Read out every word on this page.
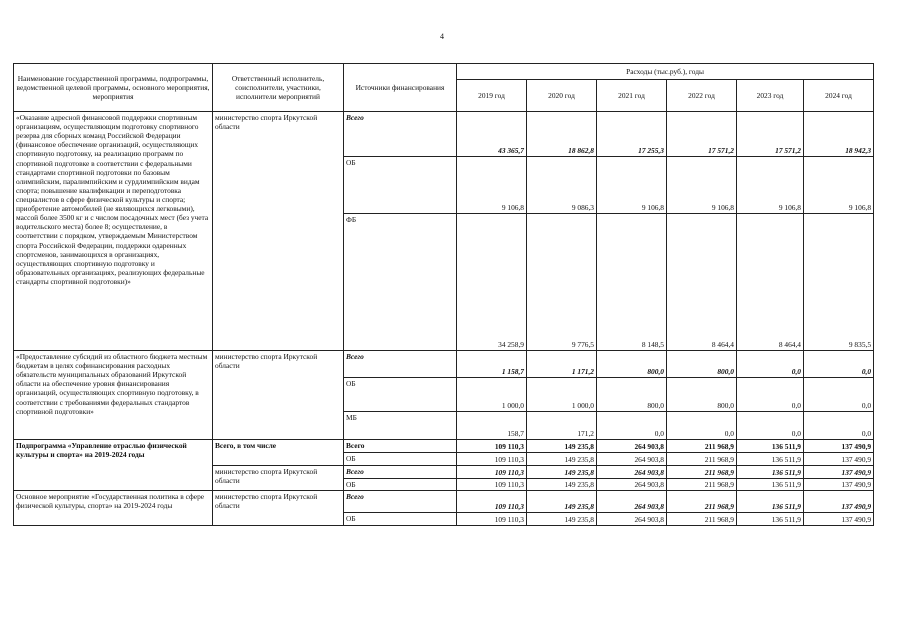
4
Наименование государственной программы, подпрограммы, ведомственной целевой программы, основного мероприятия, мероприятия	Ответственный исполнитель, соисполнители, участники, исполнители мероприятий	Источники финансирования	Расходы (тыс.руб.), годы					
			2019 год	2020 год	2021 год	2022 год	2023 год	2024 год
«Оказание адресной финансовой поддержки спортивным организациям, осуществляющим подготовку спортивного резерва для сборных команд Российской Федерации (финансовое обеспечение организаций, осуществляющих спортивную подготовку, на реализацию программ по спортивной подготовке в соответствии с федеральными стандартами спортивной подготовки по базовым олимпийским, паралимпийским и сурдлимпийским видам спорта; повышение квалификации и переподготовка специалистов в сфере физической культуры и спорта; приобретение автомобилей (не являющихся легковыми), массой более 3500 кг и с числом посадочных мест (без учета водительского места) более 8; осуществление, в соответствии с порядком, утверждаемым Министерством спорта Российской Федерации, поддержки одаренных спортсменов, занимающихся в организациях, осуществляющих спортивную подготовку и образовательных организациях, реализующих федеральные стандарты спортивной подготовки)»	министерство спорта Иркутской области	Всего	43 365,7	18 862,8	17 255,3	17 571,2	17 571,2	18 942,3
		ОБ	9 106,8	9 086,3	9 106,8	9 106,8	9 106,8	9 106,8
		ФБ	34 258,9	9 776,5	8 148,5	8 464,4	8 464,4	9 835,5
«Предоставление субсидий из областного бюджета местным бюджетам в целях софинансирования расходных обязательств муниципальных образований Иркутской области на обеспечение уровня финансирования организаций, осуществляющих спортивную подготовку, в соответствии с требованиями федеральных стандартов спортивной подготовки»	министерство спорта Иркутской области	Всего	1 158,7	1 171,2	800,0	800,0	0,0	0,0
		ОБ	1 000,0	1 000,0	800,0	800,0	0,0	0,0
		МБ	158,7	171,2	0,0	0,0	0,0	0,0
Подпрограмма «Управление отраслью физической культуры и спорта» на 2019-2024 годы	Всего, в том числе	Всего	109 110,3	149 235,8	264 903,8	211 968,9	136 511,9	137 490,9
		ОБ	109 110,3	149 235,8	264 903,8	211 968,9	136 511,9	137 490,9
	министерство спорта Иркутской области	Всего	109 110,3	149 235,8	264 903,8	211 968,9	136 511,9	137 490,9
		ОБ	109 110,3	149 235,8	264 903,8	211 968,9	136 511,9	137 490,9
Основное мероприятие «Государственная политика в сфере физической культуры, спорта» на 2019-2024 годы	министерство спорта Иркутской области	Всего	109 110,3	149 235,8	264 903,8	211 968,9	136 511,9	137 490,9
		ОБ	109 110,3	149 235,8	264 903,8	211 968,9	136 511,9	137 490,9
